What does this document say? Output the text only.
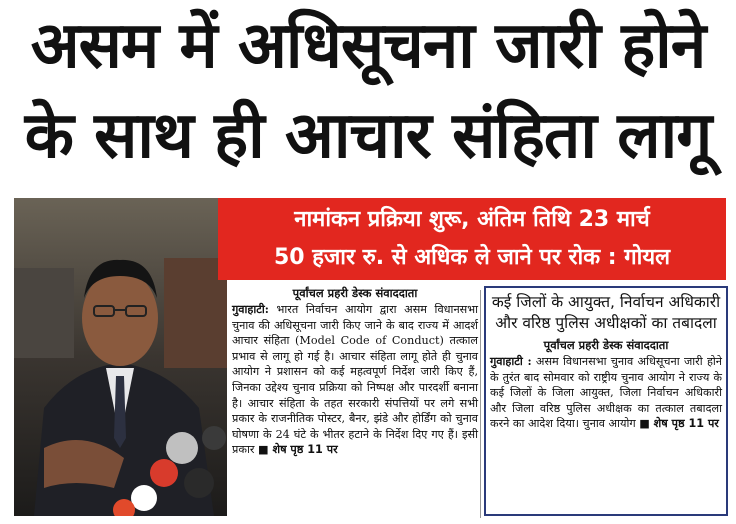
असम में अधिसूचना जारी होने
के साथ ही आचार संहिता लागू
नामांकन प्रक्रिया शुरू, अंतिम तिथि 23 मार्च
50 हजार रु. से अधिक ले जाने पर रोक : गोयल
पूर्वांचल प्रहरी डेस्क संवाददाता

गुवाहाटी: भारत निर्वाचन आयोग द्वारा असम विधानसभा चुनाव की अधिसूचना जारी किए जाने के बाद राज्य में आदर्श आचार संहिता (Model Code of Conduct) तत्काल प्रभाव से लागू हो गई है। आचार संहिता लागू होते ही चुनाव आयोग ने प्रशासन को कई महत्वपूर्ण निर्देश जारी किए हैं, जिनका उद्देश्य चुनाव प्रक्रिया को निष्पक्ष और पारदर्शी बनाना है। आचार संहिता के तहत सरकारी संपत्तियों पर लगे सभी प्रकार के राजनीतिक पोस्टर, बैनर, झंडे और होर्डिंग को चुनाव घोषणा के 24 घंटे के भीतर हटाने के निर्देश दिए गए हैं। इसी प्रकार ■ शेष पृष्ठ 11 पर

कई जिलों के आयुक्त, निर्वाचन अधिकारी और वरिष्ठ पुलिस अधीक्षकों का तबादला
पूर्वांचल प्रहरी डेस्क संवाददाता

गुवाहाटी : असम विधानसभा चुनाव अधिसूचना जारी होने के तुरंत बाद सोमवार को राष्ट्रीय चुनाव आयोग ने राज्य के कई जिलों के जिला आयुक्त, जिला निर्वाचन अधिकारी और जिला वरिष्ठ पुलिस अधीक्षक का तत्काल तबादला करने का आदेश दिया। चुनाव आयोग ■ शेष पृष्ठ 11 पर
